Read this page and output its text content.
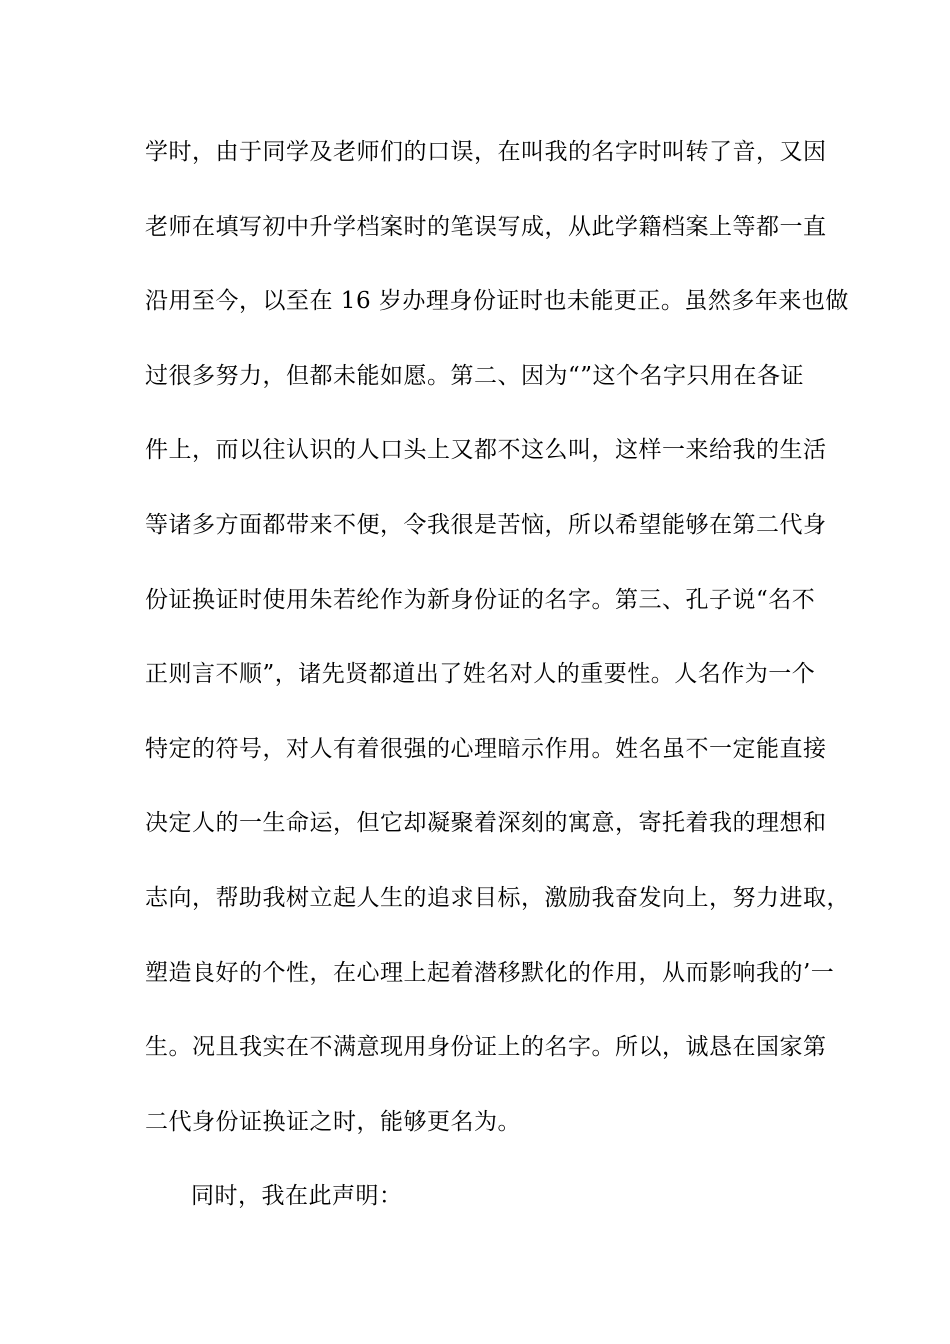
学时，由于同学及老师们的口误，在叫我的名字时叫转了音，又因
老师在填写初中升学档案时的笔误写成，从此学籍档案上等都一直
沿用至今，以至在 16 岁办理身份证时也未能更正。虽然多年来也做
过很多努力，但都未能如愿。第二、因为“”这个名字只用在各证
件上，而以往认识的人口头上又都不这么叫，这样一来给我的生活
等诸多方面都带来不便，令我很是苦恼，所以希望能够在第二代身
份证换证时使用朱若纶作为新身份证的名字。第三、孔子说“名不
正则言不顺”，诸先贤都道出了姓名对人的重要性。人名作为一个
特定的符号，对人有着很强的心理暗示作用。姓名虽不一定能直接
决定人的一生命运，但它却凝聚着深刻的寓意，寄托着我的理想和
志向，帮助我树立起人生的追求目标，激励我奋发向上，努力进取，
塑造良好的个性，在心理上起着潜移默化的作用，从而影响我的’一
生。况且我实在不满意现用身份证上的名字。所以，诚恳在国家第
二代身份证换证之时，能够更名为。
同时，我在此声明：
